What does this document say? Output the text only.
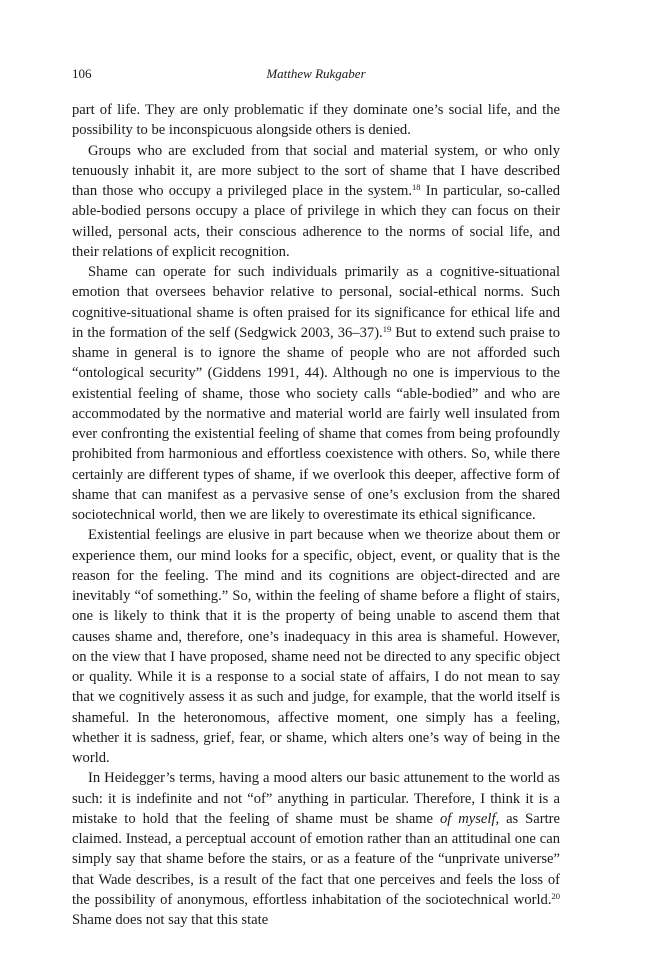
106	Matthew Rukgaber

part of life. They are only problematic if they dominate one’s social life, and the possibility to be inconspicuous alongside others is denied.

Groups who are excluded from that social and material system, or who only tenuously inhabit it, are more subject to the sort of shame that I have described than those who occupy a privileged place in the system.$^{18}$ In particular, so-called able-bodied persons occupy a place of privilege in which they can focus on their willed, personal acts, their conscious adherence to the norms of social life, and their relations of explicit recognition.

Shame can operate for such individuals primarily as a cognitive-situational emotion that oversees behavior relative to personal, social-ethical norms. Such cognitive-situational shame is often praised for its significance for ethical life and in the formation of the self (Sedgwick 2003, 36–37).$^{19}$ But to extend such praise to shame in general is to ignore the shame of people who are not afforded such “ontological security” (Giddens 1991, 44). Although no one is impervious to the existential feeling of shame, those who society calls “able-bodied” and who are accommodated by the normative and material world are fairly well insulated from ever confronting the existential feeling of shame that comes from being profoundly prohibited from harmonious and effortless coexistence with others. So, while there certainly are different types of shame, if we overlook this deeper, affective form of shame that can manifest as a pervasive sense of one’s exclusion from the shared sociotechnical world, then we are likely to overestimate its ethical significance.

Existential feelings are elusive in part because when we theorize about them or experience them, our mind looks for a specific, object, event, or quality that is the reason for the feeling. The mind and its cognitions are object-directed and are inevitably “of something.” So, within the feeling of shame before a flight of stairs, one is likely to think that it is the property of being unable to ascend them that causes shame and, therefore, one’s inadequacy in this area is shameful. However, on the view that I have proposed, shame need not be directed to any specific object or quality. While it is a response to a social state of affairs, I do not mean to say that we cognitively assess it as such and judge, for example, that the world itself is shameful. In the heteronomous, affective moment, one simply has a feeling, whether it is sadness, grief, fear, or shame, which alters one’s way of being in the world.

In Heidegger’s terms, having a mood alters our basic attunement to the world as such: it is indefinite and not “of” anything in particular. Therefore, I think it is a mistake to hold that the feeling of shame must be shame of myself, as Sartre claimed. Instead, a perceptual account of emotion rather than an attitudinal one can simply say that shame before the stairs, or as a feature of the “unprivate universe” that Wade describes, is a result of the fact that one perceives and feels the loss of the possibility of anonymous, effortless inhabitation of the sociotechnical world.$^{20}$ Shame does not say that this state
